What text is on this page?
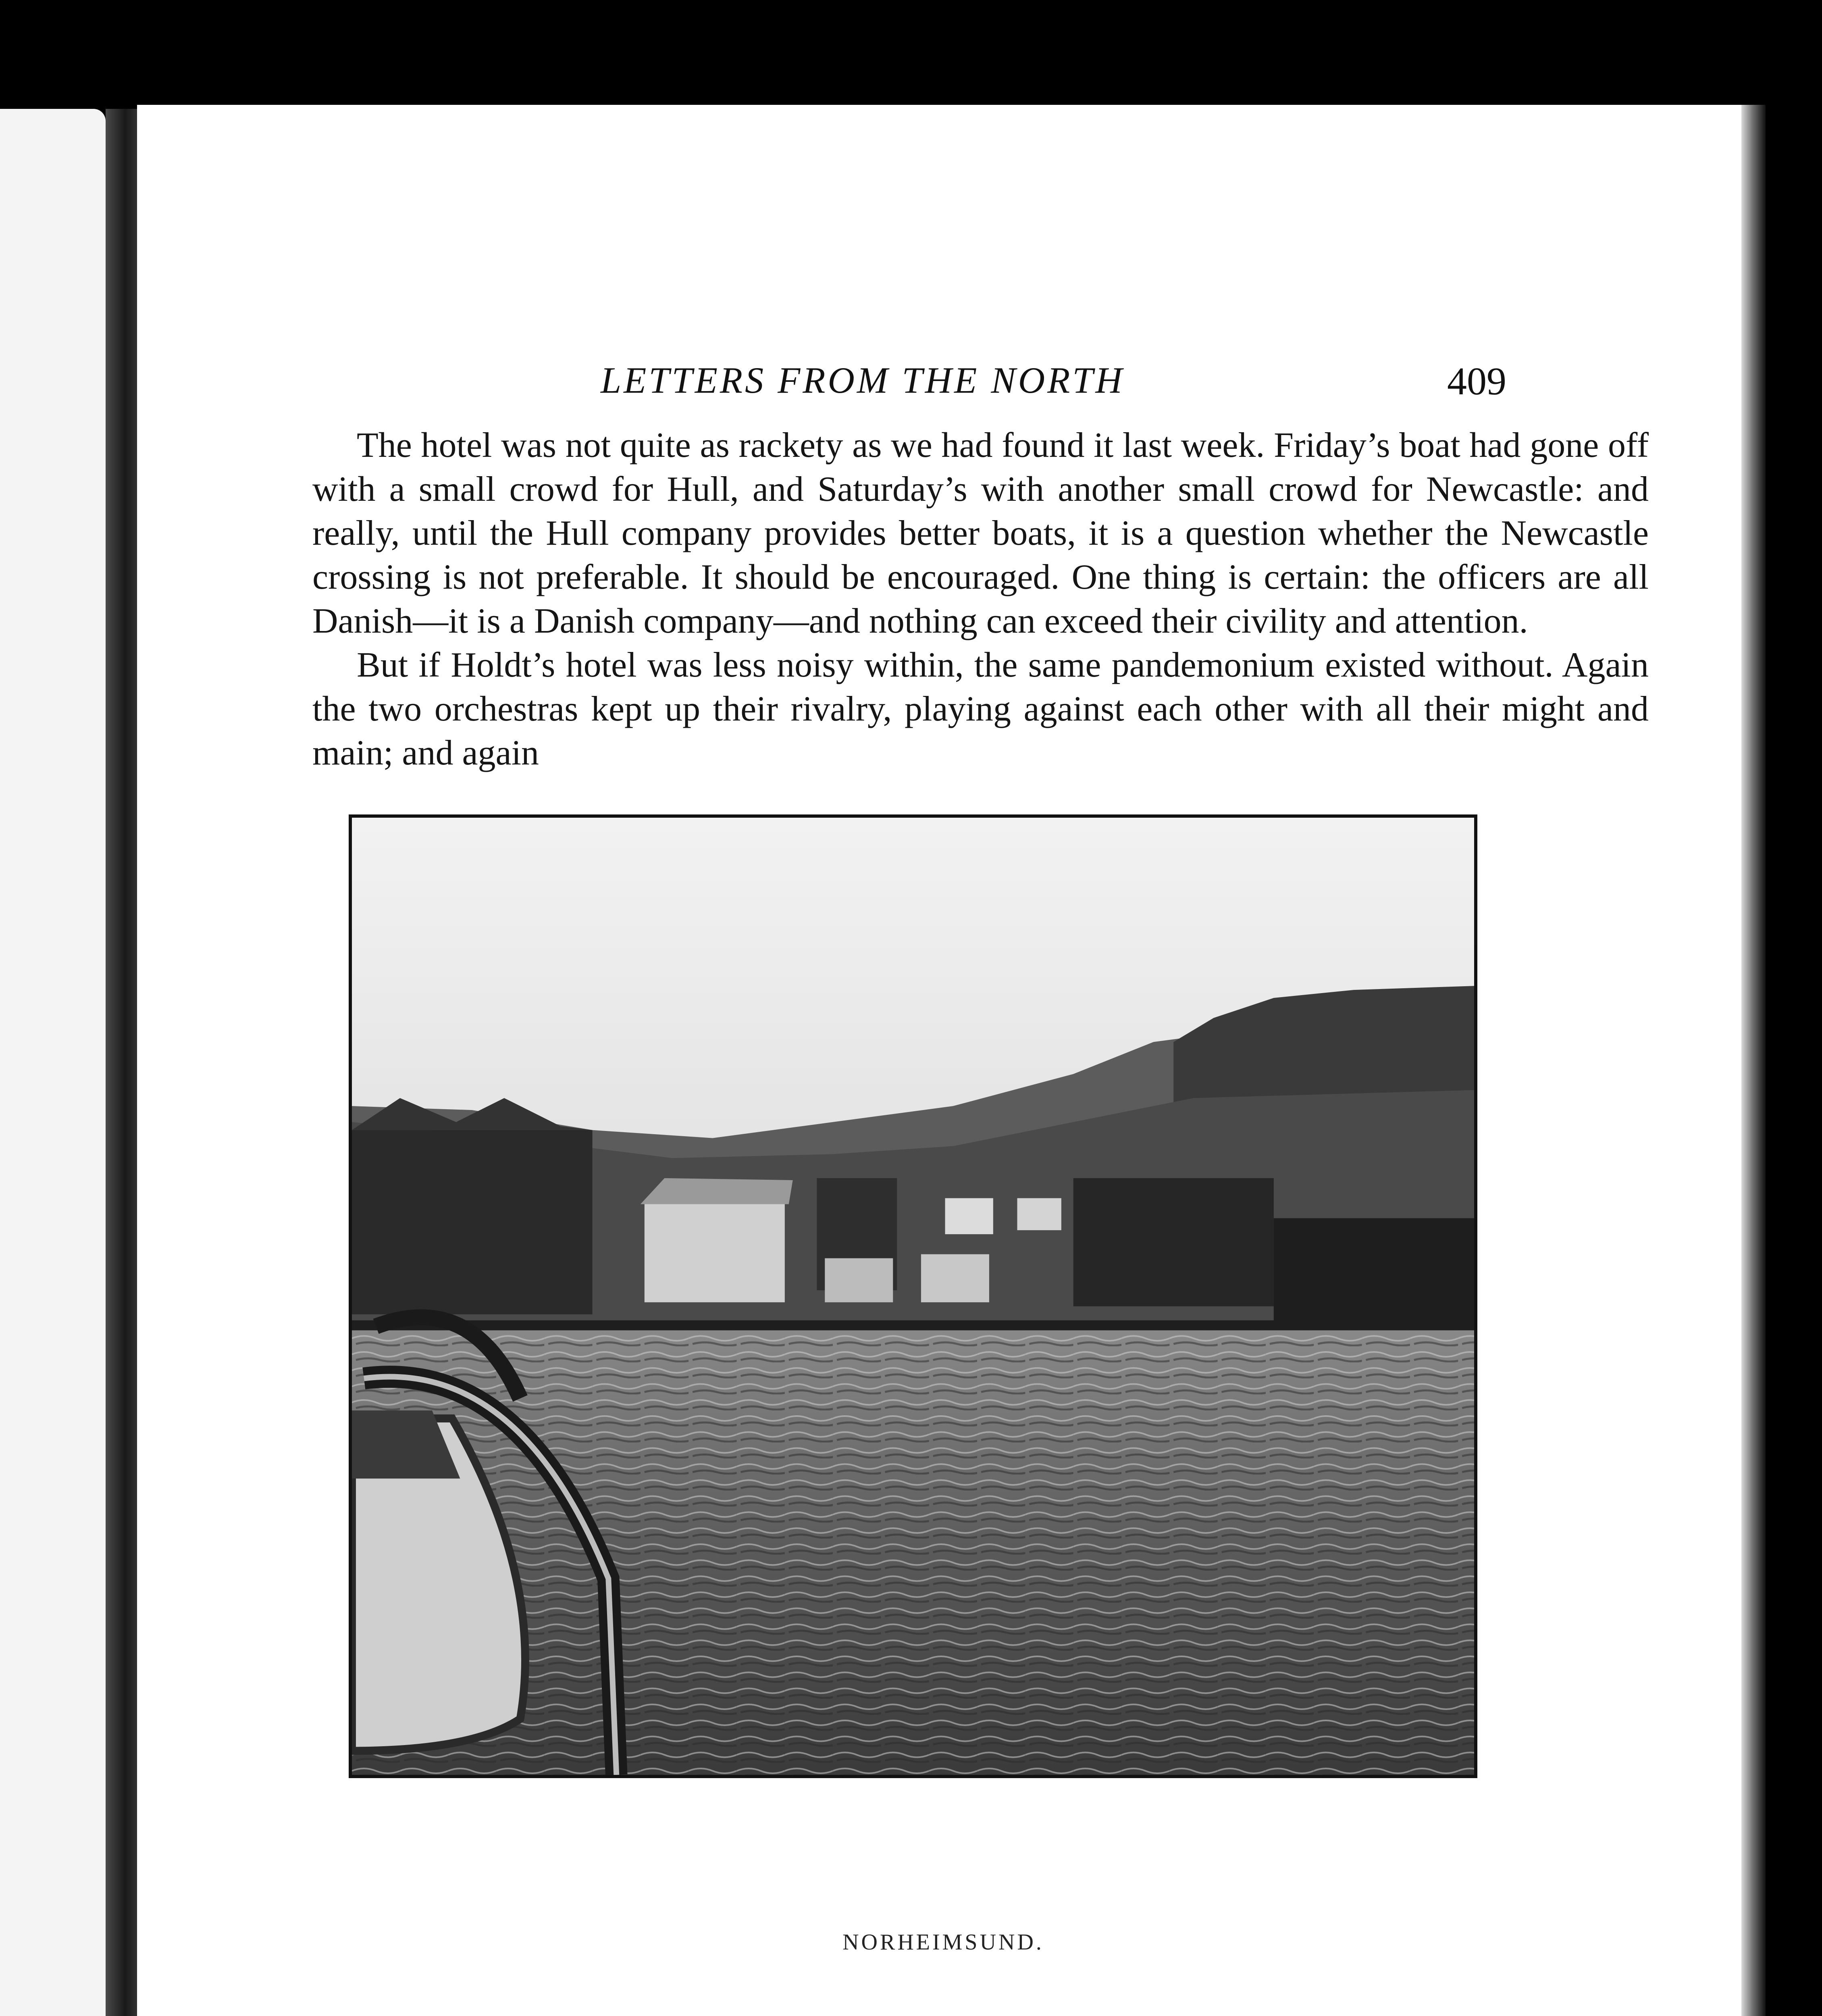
LETTERS FROM THE NORTH	409

The hotel was not quite as rackety as we had found it last week. Friday’s boat had gone off with a small crowd for Hull, and Saturday’s with another small crowd for Newcastle: and really, until the Hull company provides better boats, it is a question whether the Newcastle crossing is not preferable. It should be encouraged. One thing is certain: the officers are all Danish—it is a Danish company—and nothing can exceed their civility and attention.

But if Holdt’s hotel was less noisy within, the same pandemonium existed without. Again the two orchestras kept up their rivalry, playing against each other with all their might and main; and again

NORHEIMSUND.
